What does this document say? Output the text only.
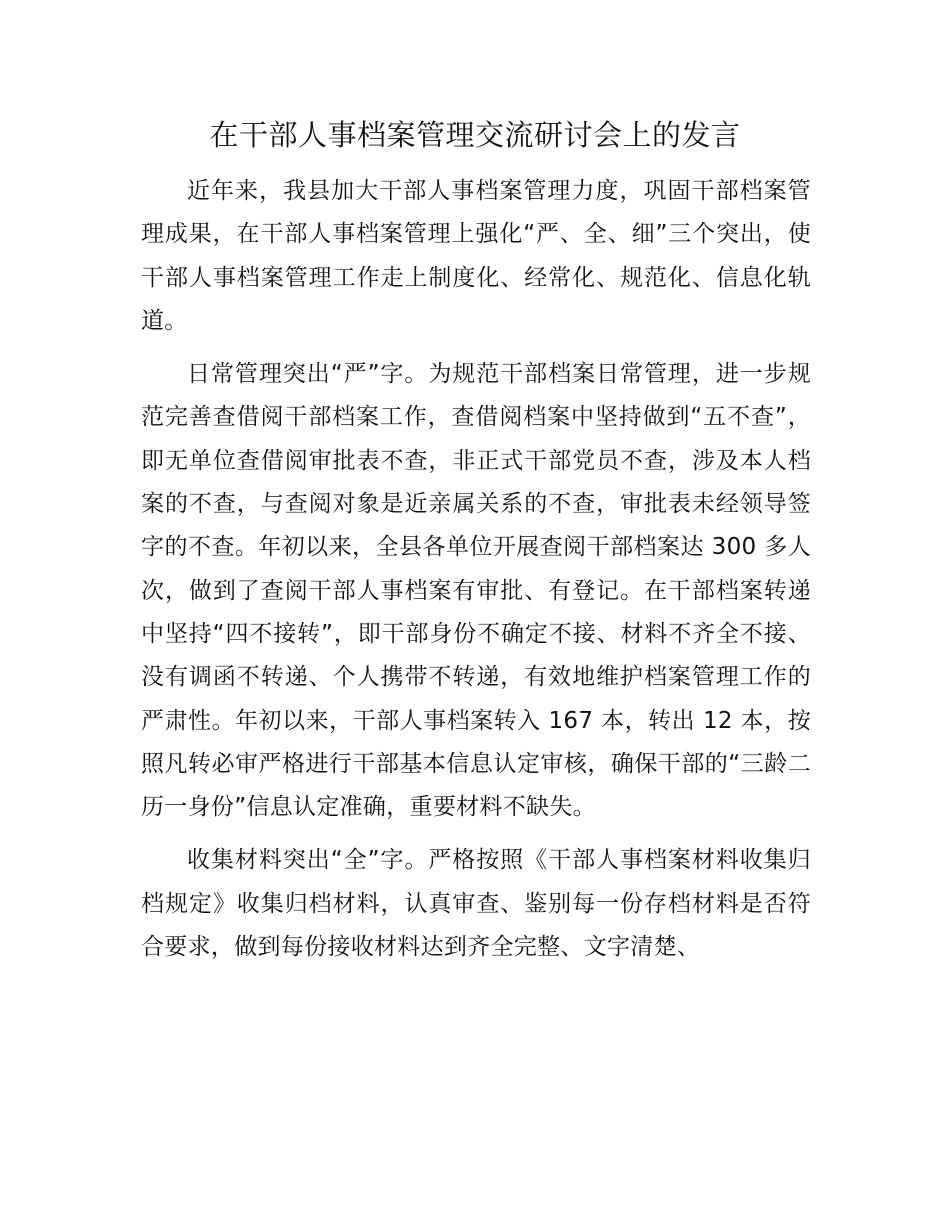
在干部人事档案管理交流研讨会上的发言

近年来，我县加大干部人事档案管理力度，巩固干部档案管理成果，在干部人事档案管理上强化“严、全、细”三个突出，使干部人事档案管理工作走上制度化、经常化、规范化、信息化轨道。

日常管理突出“严”字。为规范干部档案日常管理，进一步规范完善查借阅干部档案工作，查借阅档案中坚持做到“五不查”，即无单位查借阅审批表不查，非正式干部党员不查，涉及本人档案的不查，与查阅对象是近亲属关系的不查，审批表未经领导签字的不查。年初以来，全县各单位开展查阅干部档案达 300 多人次，做到了查阅干部人事档案有审批、有登记。在干部档案转递中坚持“四不接转”，即干部身份不确定不接、材料不齐全不接、没有调函不转递、个人携带不转递，有效地维护档案管理工作的严肃性。年初以来，干部人事档案转入 167 本，转出 12 本，按照凡转必审严格进行干部基本信息认定审核，确保干部的“三龄二历一身份”信息认定准确，重要材料不缺失。

收集材料突出“全”字。严格按照《干部人事档案材料收集归档规定》收集归档材料，认真审查、鉴别每一份存档材料是否符合要求，做到每份接收材料达到齐全完整、文字清楚、
